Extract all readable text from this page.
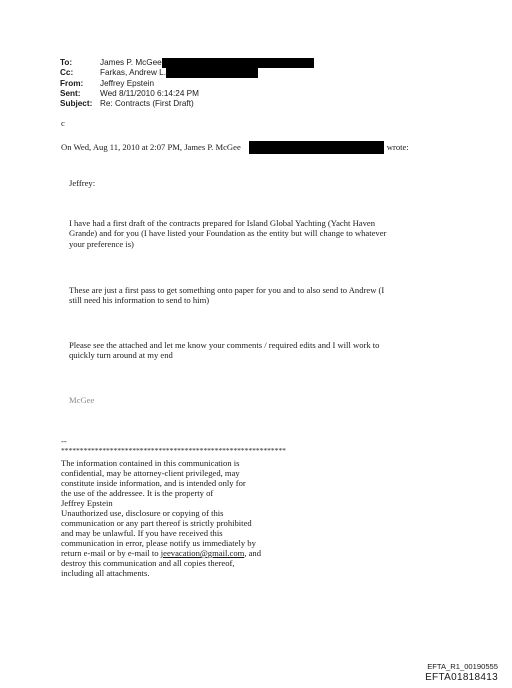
To:	James P. McGee
Cc:	Farkas, Andrew L.
From:	Jeffrey Epstein
Sent:	Wed 8/11/2010 6:14:24 PM
Subject: Re: Contracts (First Draft)

c

On Wed, Aug 11, 2010 at 2:07 PM, James P. McGee	wrote:

Jeffrey:

I have had a first draft of the contracts prepared for Island Global Yachting (Yacht Haven
Grande) and for you (I have listed your Foundation as the entity but will change to whatever
your preference is)
These are just a first pass to get something onto paper for you and to also send to Andrew (I
still need his information to send to him)
Please see the attached and let me know your comments / required edits and I will work to
quickly turn around at my end

McGee

--
************************************************************
The information contained in this communication is
confidential, may be attorney-client privileged, may
constitute inside information, and is intended only for
the use of the addressee. It is the property of
Jeffrey Epstein
Unauthorized use, disclosure or copying of this
communication or any part thereof is strictly prohibited
and may be unlawful. If you have received this
communication in error, please notify us immediately by
return e-mail or by e-mail to jeevacation@gmail.com, and
destroy this communication and all copies thereof,
including all attachments.
EFTA_R1_00190555
EFTA01818413
